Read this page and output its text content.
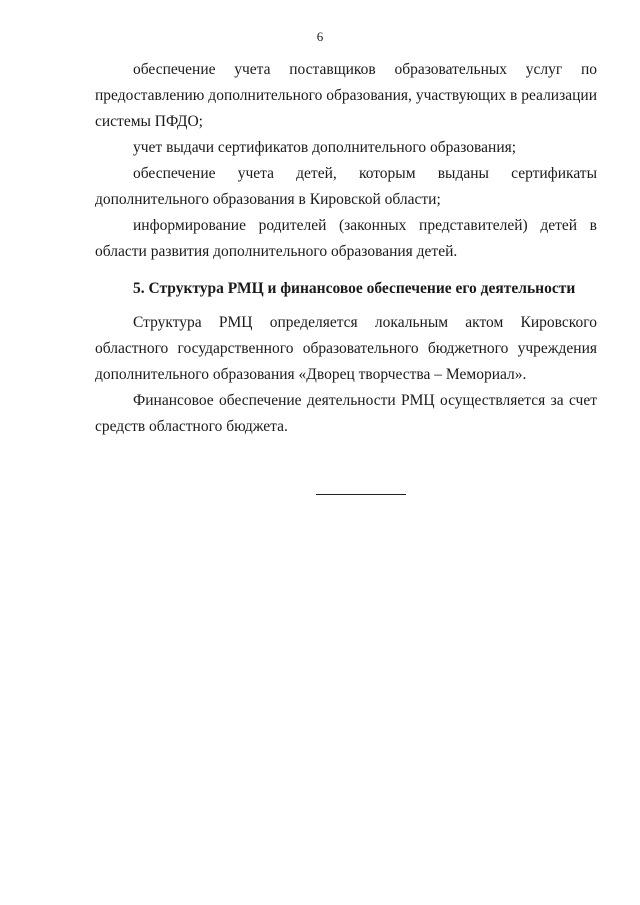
6

обеспечение учета поставщиков образовательных услуг по предоставлению дополнительного образования, участвующих в реализации системы ПФДО;

учет выдачи сертификатов дополнительного образования;

обеспечение учета детей, которым выданы сертификаты дополнительного образования в Кировской области;

информирование родителей (законных представителей) детей в области развития дополнительного образования детей.

5. Структура РМЦ и финансовое обеспечение его деятельности

Структура РМЦ определяется локальным актом Кировского областного государственного образовательного бюджетного учреждения дополнительного образования «Дворец творчества – Мемориал».

Финансовое обеспечение деятельности РМЦ осуществляется за счет средств областного бюджета.
